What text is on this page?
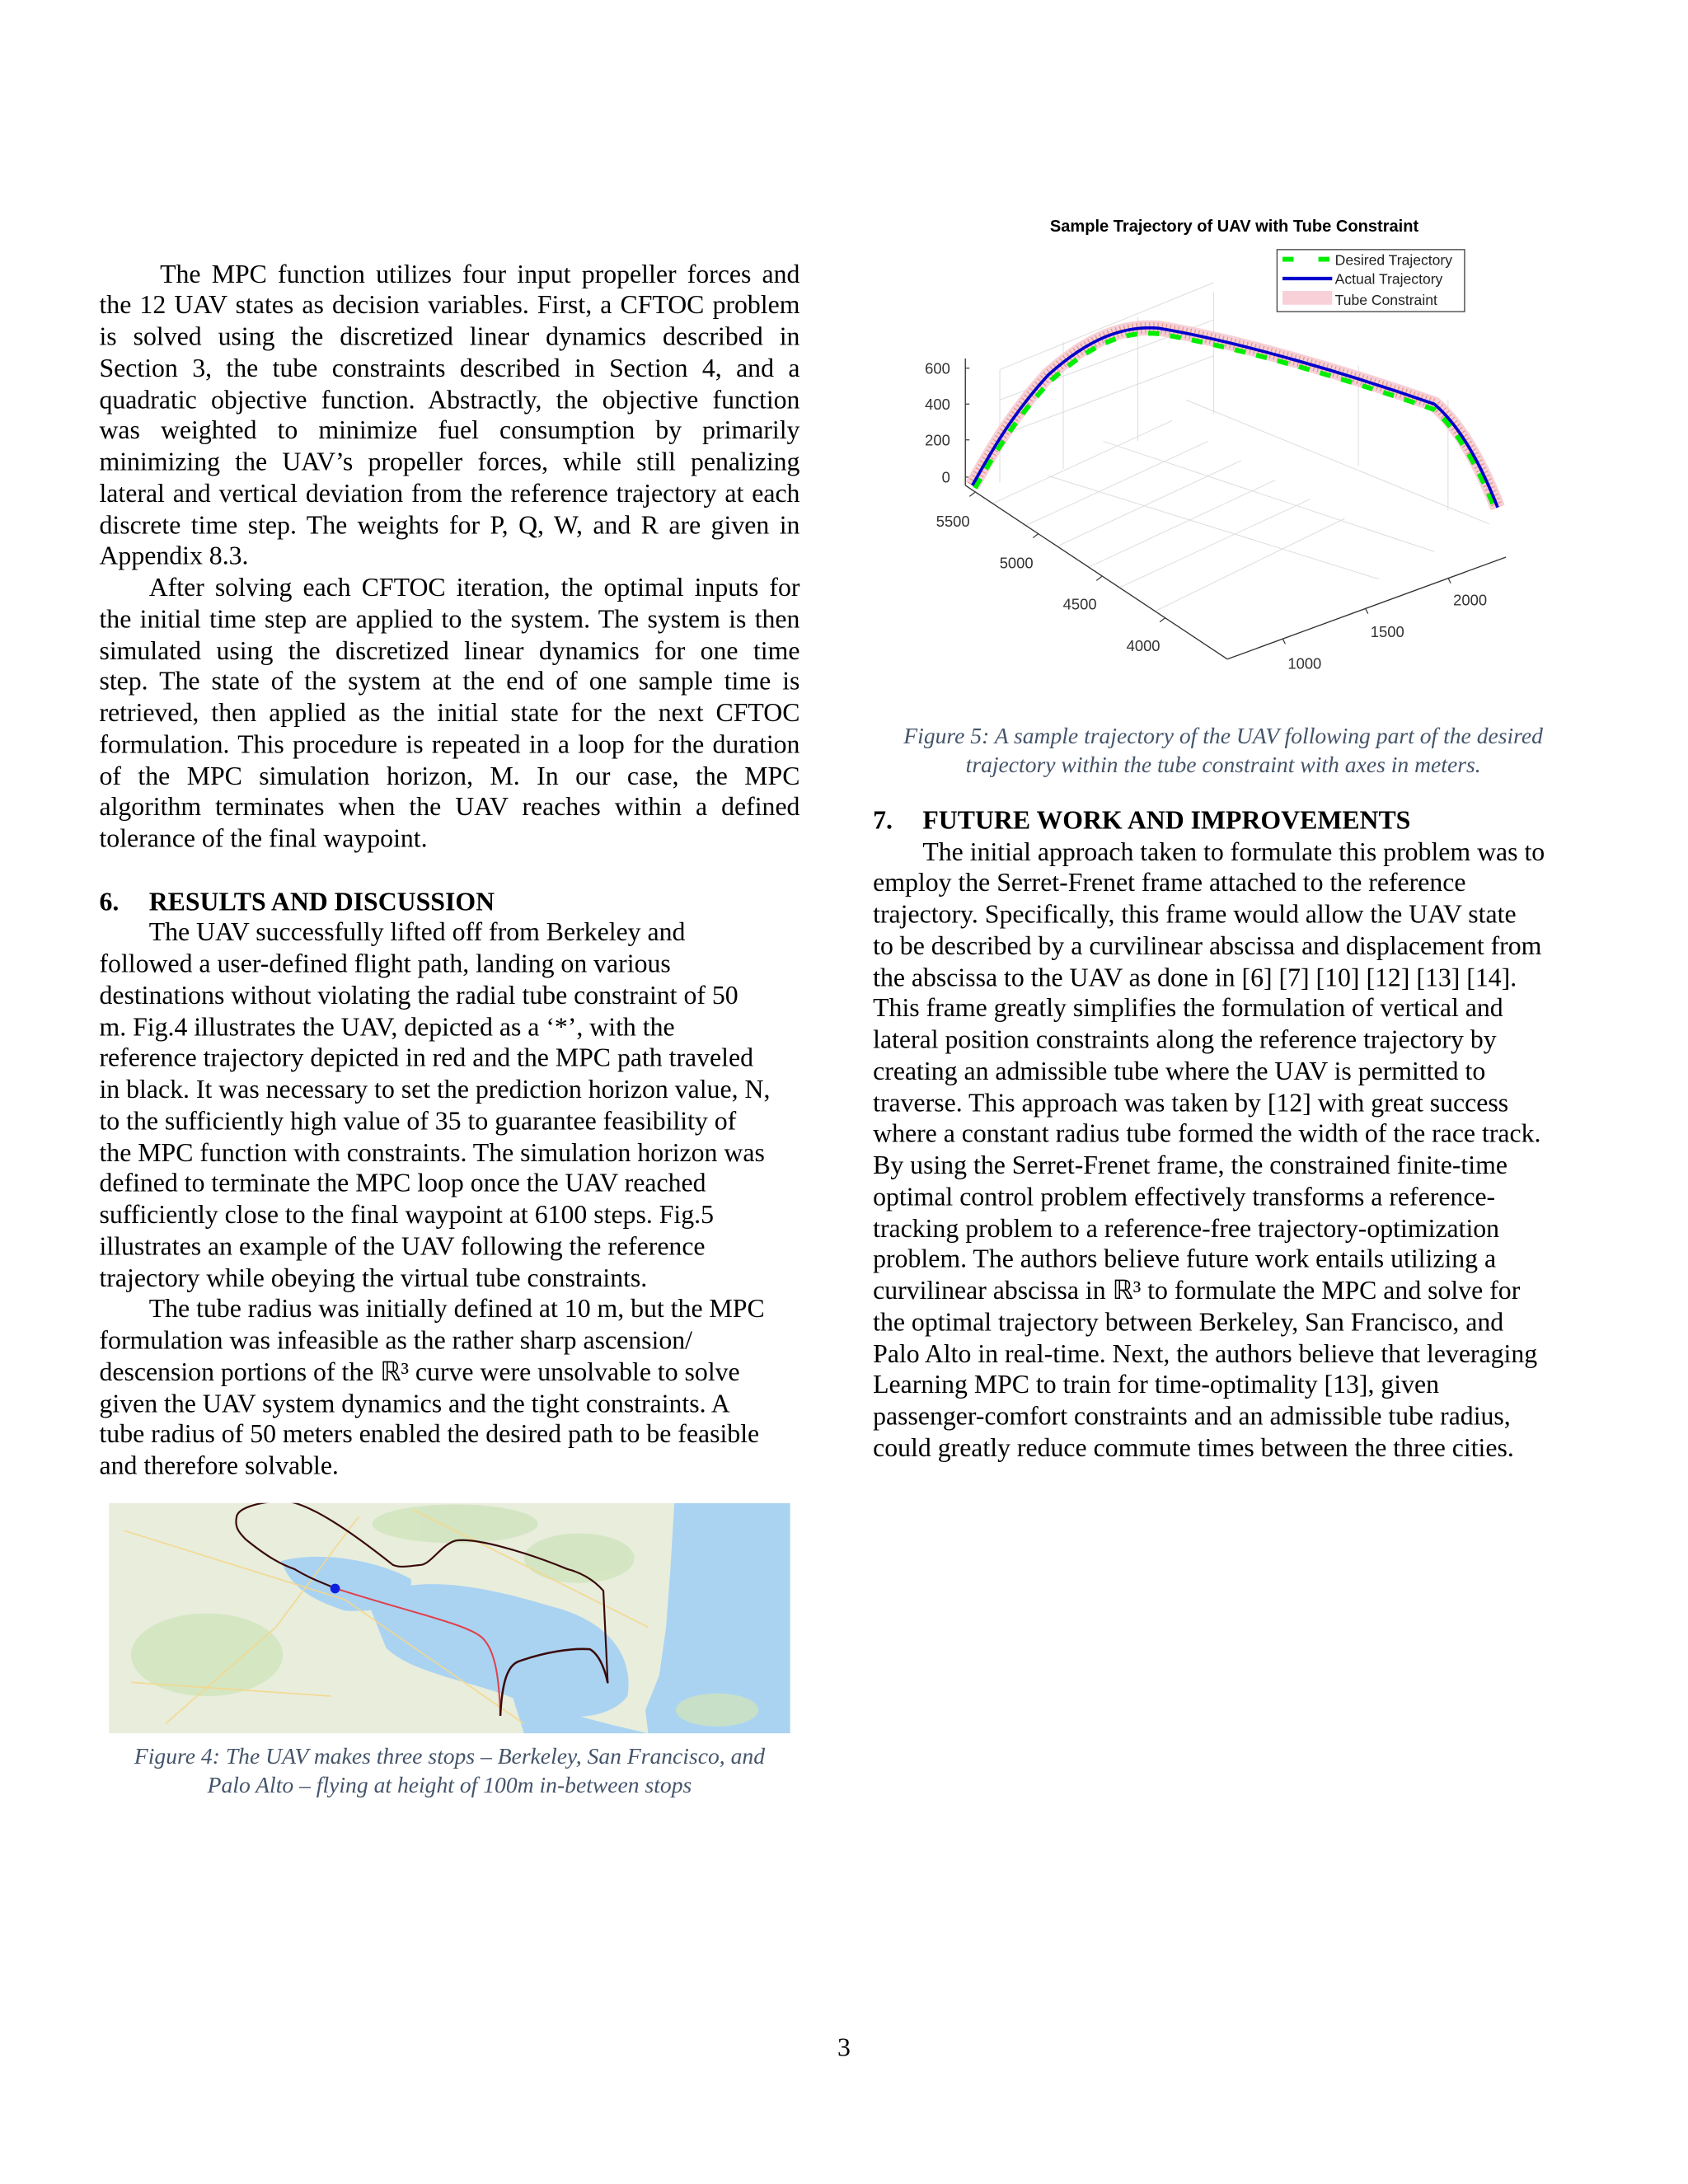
The MPC function utilizes four input propeller forces and
the 12 UAV states as decision variables. First, a CFTOC problem
is solved using the discretized linear dynamics described in
Section 3, the tube constraints described in Section 4, and a
quadratic objective function. Abstractly, the objective function
was weighted to minimize fuel consumption by primarily
minimizing the UAV’s propeller forces, while still penalizing
lateral and vertical deviation from the reference trajectory at each
discrete time step. The weights for P, Q, W, and R are given in
Appendix 8.3.
After solving each CFTOC iteration, the optimal inputs for
the initial time step are applied to the system. The system is then
simulated using the discretized linear dynamics for one time
step. The state of the system at the end of one sample time is
retrieved, then applied as the initial state for the next CFTOC
formulation. This procedure is repeated in a loop for the duration
of the MPC simulation horizon, M. In our case, the MPC
algorithm terminates when the UAV reaches within a defined
tolerance of the final waypoint.
6. RESULTS AND DISCUSSION
The UAV successfully lifted off from Berkeley and
followed a user-defined flight path, landing on various
destinations without violating the radial tube constraint of 50
m. Fig.4 illustrates the UAV, depicted as a ‘*’, with the
reference trajectory depicted in red and the MPC path traveled
in black. It was necessary to set the prediction horizon value, N,
to the sufficiently high value of 35 to guarantee feasibility of
the MPC function with constraints. The simulation horizon was
defined to terminate the MPC loop once the UAV reached
sufficiently close to the final waypoint at 6100 steps. Fig.5
illustrates an example of the UAV following the reference
trajectory while obeying the virtual tube constraints.
The tube radius was initially defined at 10 m, but the MPC
formulation was infeasible as the rather sharp ascension/
descension portions of the ℝ³ curve were unsolvable to solve
given the UAV system dynamics and the tight constraints. A
tube radius of 50 meters enabled the desired path to be feasible
and therefore solvable.
7. FUTURE WORK AND IMPROVEMENTS
The initial approach taken to formulate this problem was to
employ the Serret-Frenet frame attached to the reference
trajectory. Specifically, this frame would allow the UAV state
to be described by a curvilinear abscissa and displacement from
the abscissa to the UAV as done in [6] [7] [10] [12] [13] [14].
This frame greatly simplifies the formulation of vertical and
lateral position constraints along the reference trajectory by
creating an admissible tube where the UAV is permitted to
traverse. This approach was taken by [12] with great success
where a constant radius tube formed the width of the race track.
By using the Serret-Frenet frame, the constrained finite-time
optimal control problem effectively transforms a reference-
tracking problem to a reference-free trajectory-optimization
problem. The authors believe future work entails utilizing a
curvilinear abscissa in ℝ³ to formulate the MPC and solve for
the optimal trajectory between Berkeley, San Francisco, and
Palo Alto in real-time. Next, the authors believe that leveraging
Learning MPC to train for time-optimality [13], given
passenger-comfort constraints and an admissible tube radius,
could greatly reduce commute times between the three cities.
0
200
400
600
5500
5000
4500
4000
1000
1500
2000
Sample Trajectory of UAV with Tube Constraint
Desired Trajectory
Actual Trajectory
Tube Constraint
Figure 5: A sample trajectory of the UAV following part of the desired
trajectory within the tube constraint with axes in meters.
Figure 4: The UAV makes three stops – Berkeley, San Francisco, and
Palo Alto – flying at height of 100m in-between stops
3
